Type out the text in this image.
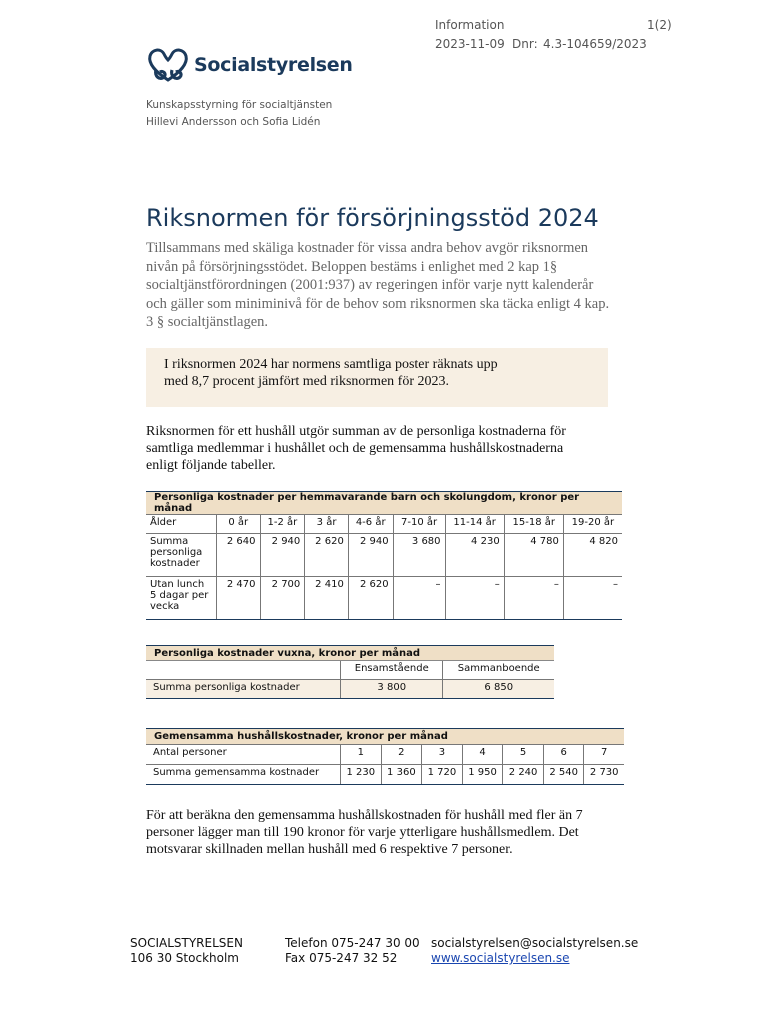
Information	1(2)
2023-11-09 Dnr: 4.3-104659/2023
Socialstyrelsen
Kunskapsstyrning för socialtjänsten
Hillevi Andersson och Sofia Lidén
Riksnormen för försörjningsstöd 2024
Tillsammans med skäliga kostnader för vissa andra behov avgör riksnormen nivån på försörjningsstödet. Beloppen bestäms i enlighet med 2 kap 1§ socialtjänstförordningen (2001:937) av regeringen inför varje nytt kalenderår och gäller som miniminivå för de behov som riksnormen ska täcka enligt 4 kap. 3 § socialtjänstlagen.
I riksnormen 2024 har normens samtliga poster räknats upp med 8,7 procent jämfört med riksnormen för 2023.
Riksnormen för ett hushåll utgör summan av de personliga kostnaderna för samtliga medlemmar i hushållet och de gemensamma hushållskostnaderna enligt följande tabeller.
Personliga kostnader per hemmavarande barn och skolungdom, kronor per månad								
Ålder	0 år	1-2 år	3 år	4-6 år	7-10 år	11-14 år	15-18 år	19-20 år
Summa personliga kostnader	2 640	2 940	2 620	2 940	3 680	4 230	4 780	4 820
Utan lunch 5 dagar per vecka	2 470	2 700	2 410	2 620	–	–	–	–
Personliga kostnader vuxna, kronor per månad		
	Ensamstående	Sammanboende
Summa personliga kostnader	3 800	6 850
Gemensamma hushållskostnader, kronor per månad							
Antal personer	1	2	3	4	5	6	7
Summa gemensamma kostnader	1 230	1 360	1 720	1 950	2 240	2 540	2 730
För att beräkna den gemensamma hushållskostnaden för hushåll med fler än 7 personer lägger man till 190 kronor för varje ytterligare hushållsmedlem. Det motsvarar skillnaden mellan hushåll med 6 respektive 7 personer.
SOCIALSTYRELSEN
106 30 Stockholm
Telefon 075-247 30 00
Fax 075-247 32 52
socialstyrelsen@socialstyrelsen.se
www.socialstyrelsen.se
